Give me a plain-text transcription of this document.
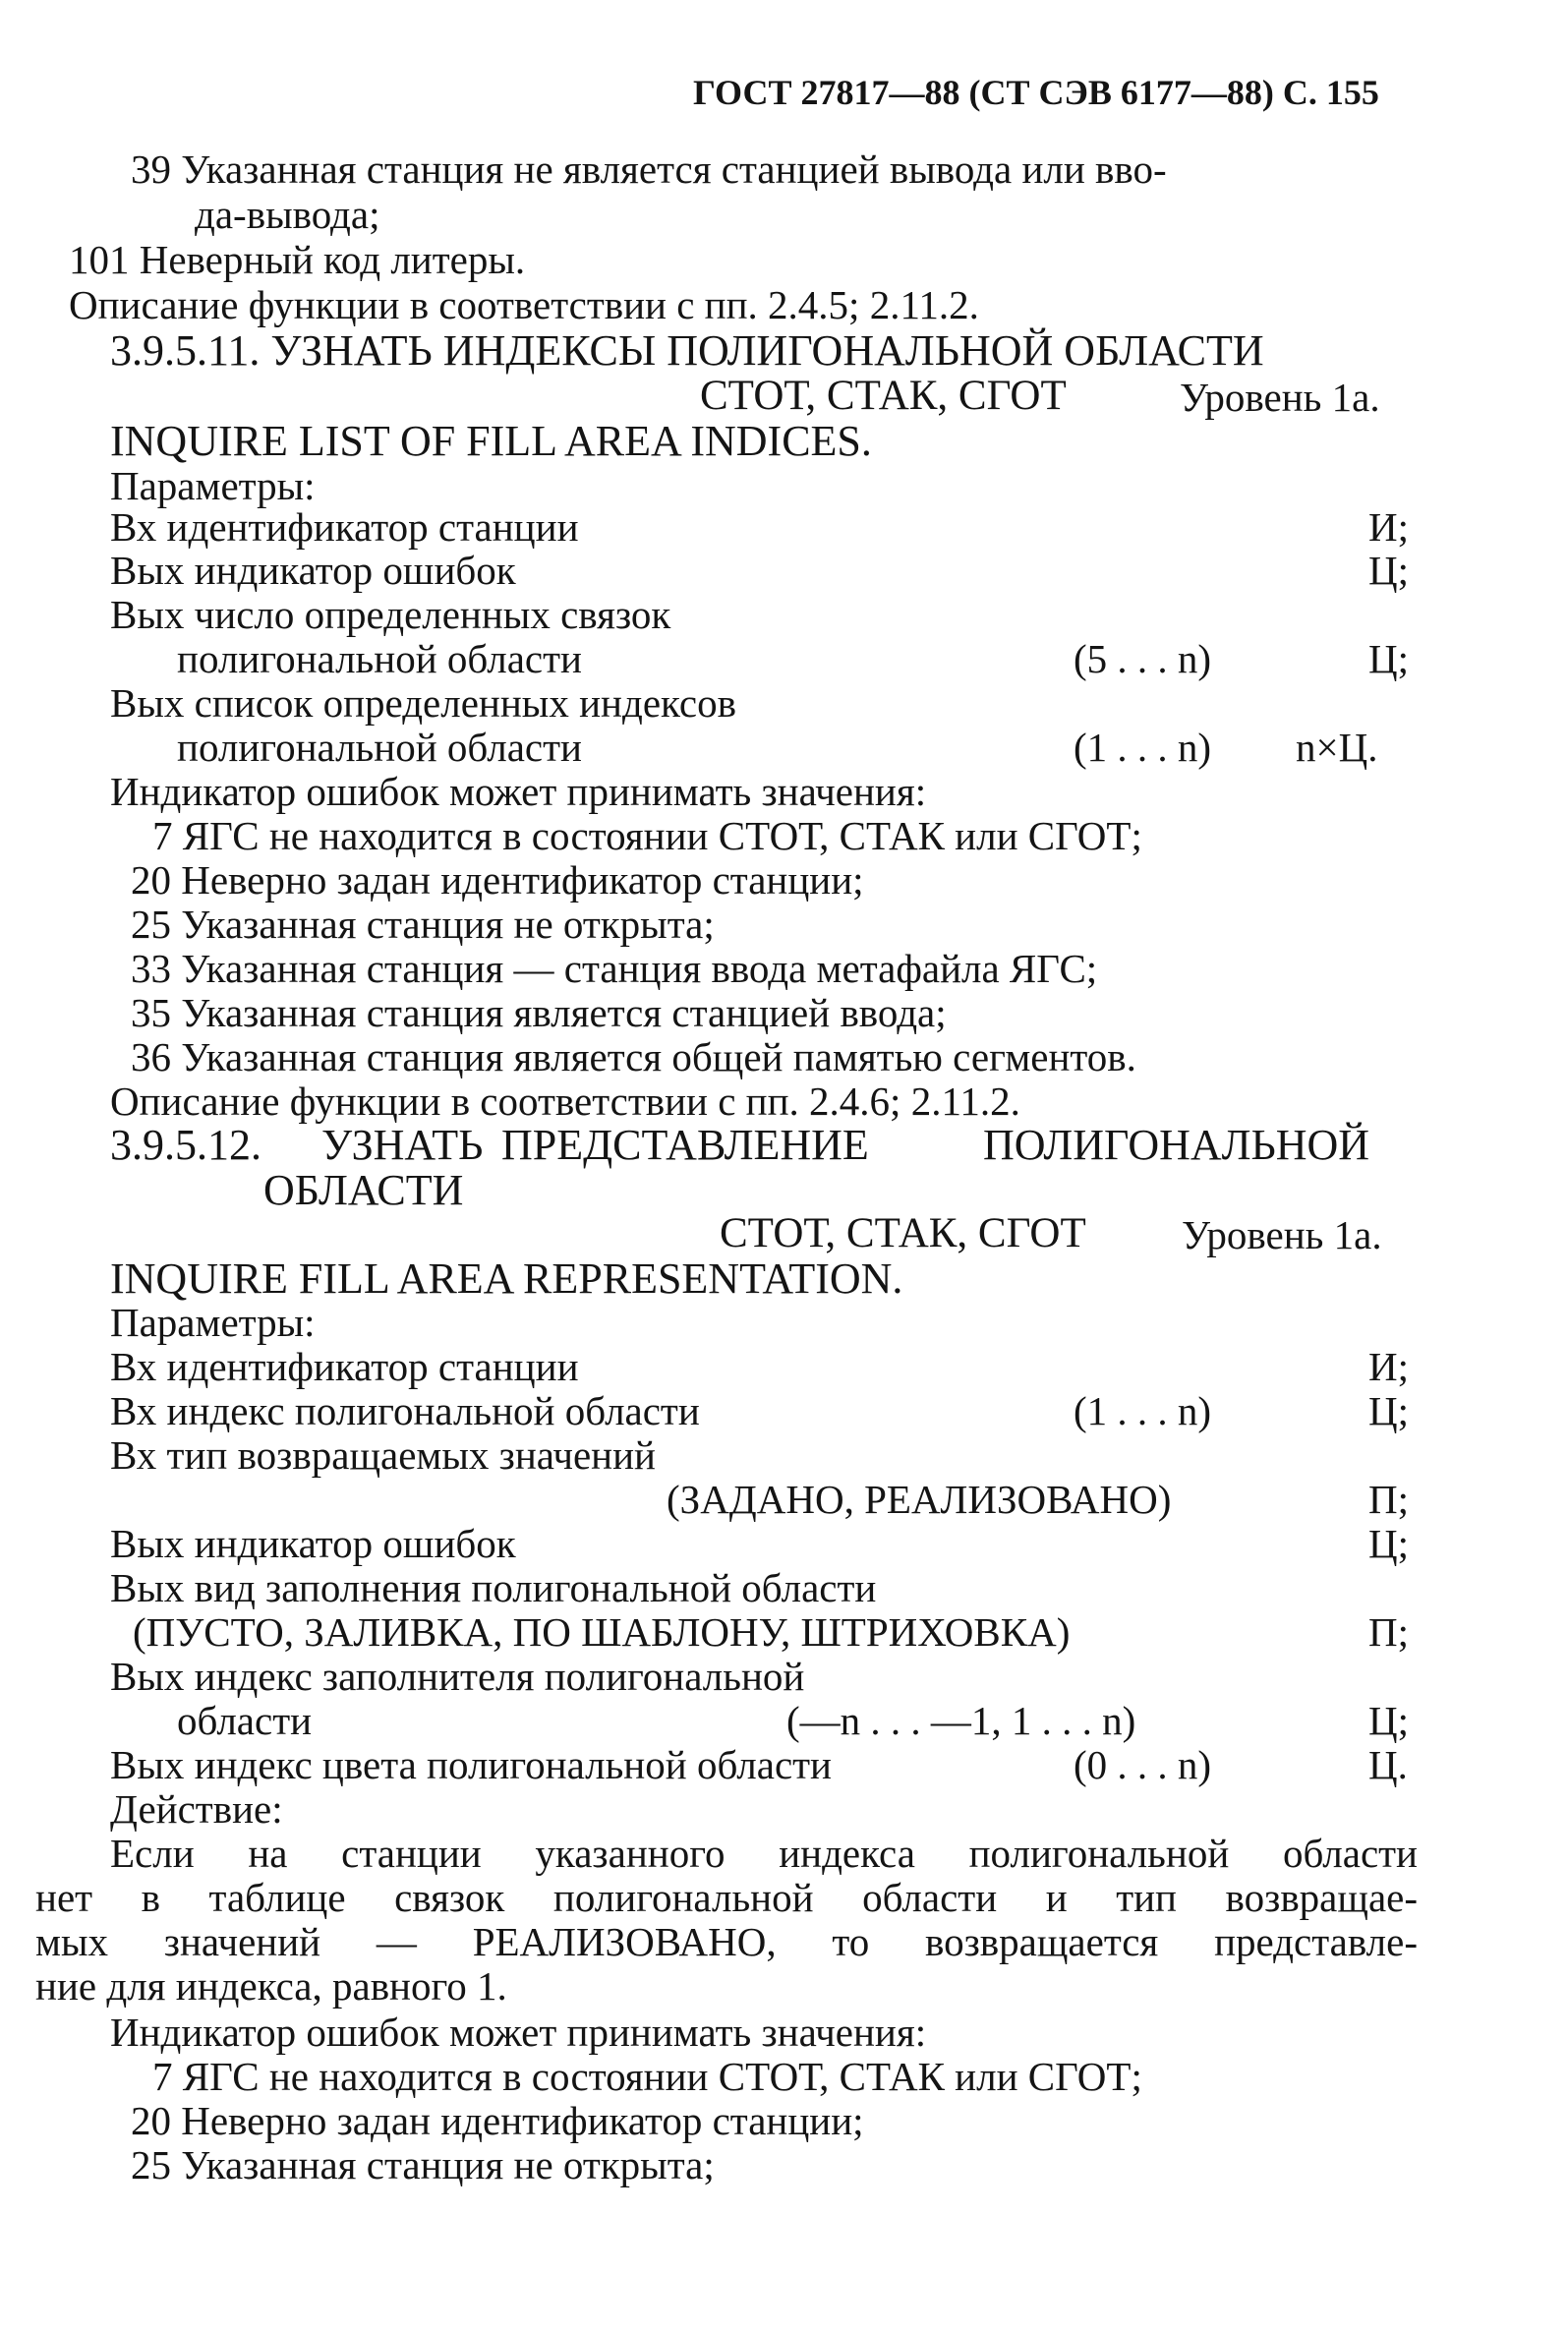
ГОСТ 27817—88 (СТ СЭВ 6177—88) С. 155
39 Указанная станция не является станцией вывода или вво-
да-вывода;
101 Неверный код литеры.
Описание функции в соответствии с пп. 2.4.5; 2.11.2.
3.9.5.11. УЗНАТЬ ИНДЕКСЫ ПОЛИГОНАЛЬНОЙ ОБЛАСТИ
СТОТ, СТАК, СГОТ	Уровень 1а.
INQUIRE LIST OF FILL AREA INDICES.
Параметры:
Вх идентификатор станции	И;
Вых индикатор ошибок	Ц;
Вых число определенных связок
полигональной области	(5 . . . n)	Ц;
Вых список определенных индексов
полигональной области	(1 . . . n) n×Ц.
Индикатор ошибок может принимать значения:
7 ЯГС не находится в состоянии СТОТ, СТАК или СГОТ;
20 Неверно задан идентификатор станции;
25 Указанная станция не открыта;
33 Указанная станция — станция ввода метафайла ЯГС;
35 Указанная станция является станцией ввода;
36 Указанная станция является общей памятью сегментов.
Описание функции в соответствии с пп. 2.4.6; 2.11.2.
3.9.5.12. УЗНАТЬ ПРЕДСТАВЛЕНИЕ	ПОЛИГОНАЛЬНОЙ
ОБЛАСТИ
СТОТ, СТАК, СГОТ Уровень 1а.
INQUIRE FILL AREA REPRESENTATION.
Параметры:
Вх идентификатор станции	И;
Вх индекс полигональной области	(1 . . . n)	Ц;
Вх тип возвращаемых значений
(ЗАДАНО, РЕАЛИЗОВАНО)	П;
Вых индикатор ошибок	Ц;
Вых вид заполнения полигональной области
(ПУСТО, ЗАЛИВКА, ПО ШАБЛОНУ, ШТРИХОВКА)	П;
Вых индекс заполнителя полигональной
области	(—n . . . —1, 1 . . . n)	Ц;
Вых индекс цвета полигональной области	(0 . . . n)	Ц.
Действие:
Если на станции указанного индекса полигональной области
нет в таблице связок полигональной области и тип возвращае-
мых значений — РЕАЛИЗОВАНО, то возвращается представле-
ние для индекса, равного 1.
Индикатор ошибок может принимать значения:
7 ЯГС не находится в состоянии СТОТ, СТАК или СГОТ;
20 Неверно задан идентификатор станции;
25 Указанная станция не открыта;
